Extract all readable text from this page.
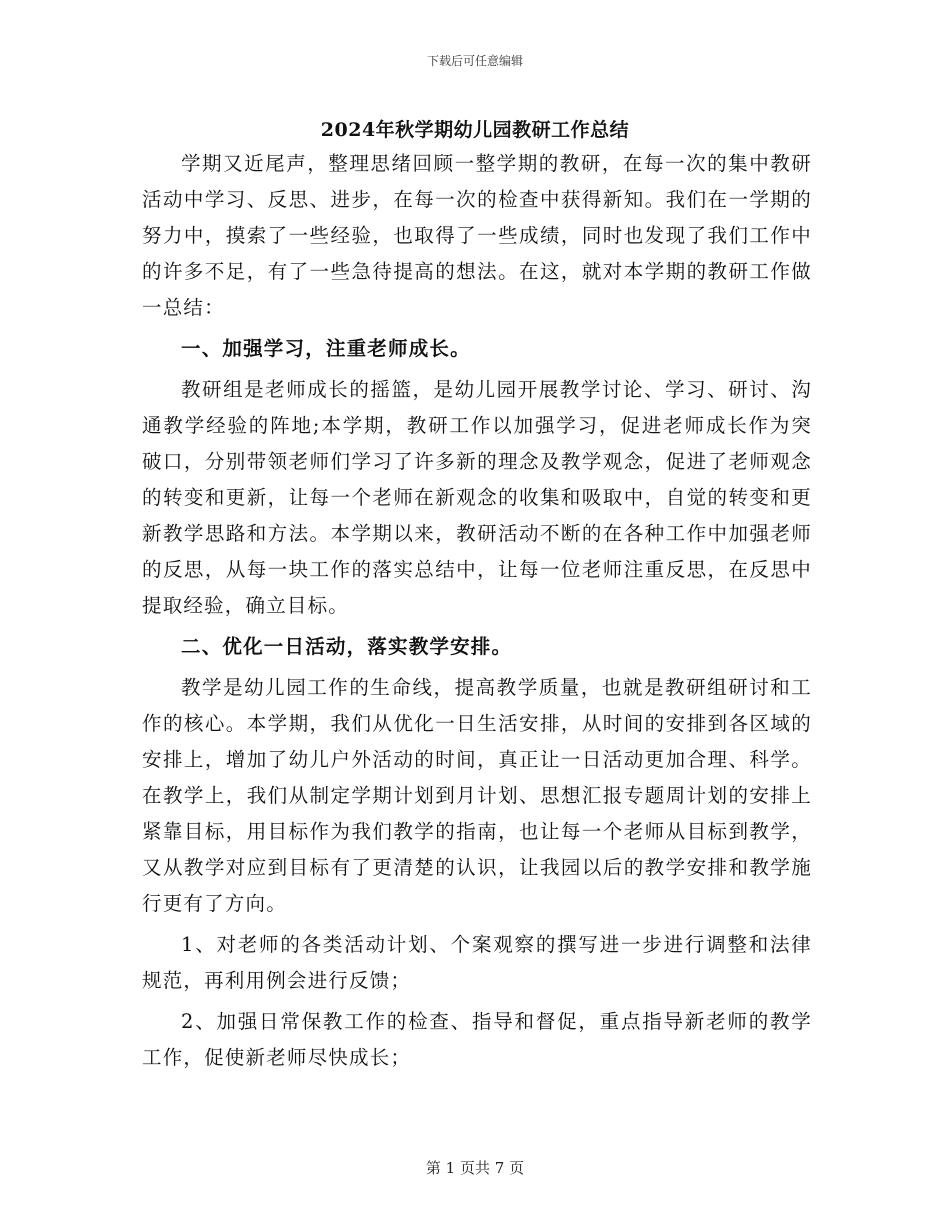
下载后可任意编辑
2024年秋学期幼儿园教研工作总结

学期又近尾声，整理思绪回顾一整学期的教研，在每一次的集中教研活动中学习、反思、进步，在每一次的检查中获得新知。我们在一学期的努力中，摸索了一些经验，也取得了一些成绩，同时也发现了我们工作中的许多不足，有了一些急待提高的想法。在这，就对本学期的教研工作做一总结：

一、加强学习，注重老师成长。

教研组是老师成长的摇篮，是幼儿园开展教学讨论、学习、研讨、沟通教学经验的阵地;本学期，教研工作以加强学习，促进老师成长作为突破口，分别带领老师们学习了许多新的理念及教学观念，促进了老师观念的转变和更新，让每一个老师在新观念的收集和吸取中，自觉的转变和更新教学思路和方法。本学期以来，教研活动不断的在各种工作中加强老师的反思，从每一块工作的落实总结中，让每一位老师注重反思，在反思中提取经验，确立目标。

二、优化一日活动，落实教学安排。

教学是幼儿园工作的生命线，提高教学质量，也就是教研组研讨和工作的核心。本学期，我们从优化一日生活安排，从时间的安排到各区域的安排上，增加了幼儿户外活动的时间，真正让一日活动更加合理、科学。在教学上，我们从制定学期计划到月计划、思想汇报专题周计划的安排上紧靠目标，用目标作为我们教学的指南，也让每一个老师从目标到教学，又从教学对应到目标有了更清楚的认识，让我园以后的教学安排和教学施行更有了方向。

1、对老师的各类活动计划、个案观察的撰写进一步进行调整和法律规范，再利用例会进行反馈；

2、加强日常保教工作的检查、指导和督促，重点指导新老师的教学工作，促使新老师尽快成长；

第 1 页共 7 页
